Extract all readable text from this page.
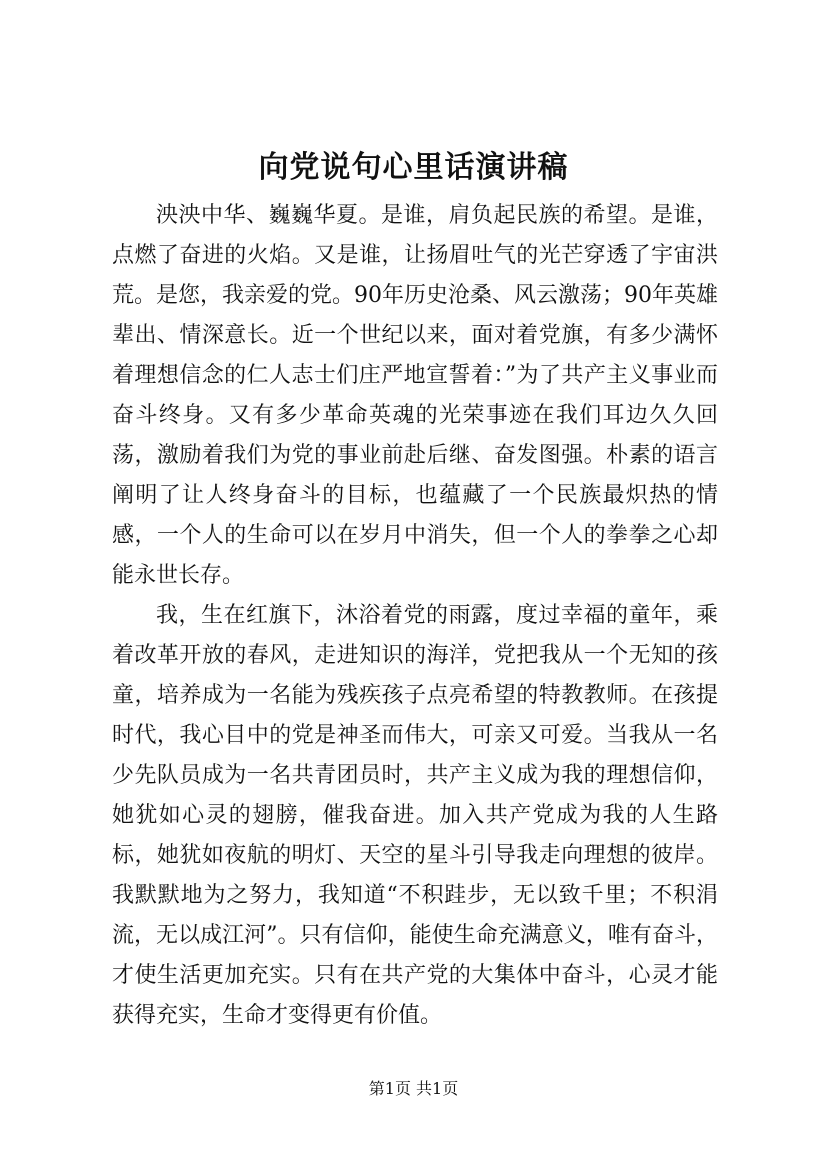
向党说句心里话演讲稿

泱泱中华、巍巍华夏。是谁，肩负起民族的希望。是谁，点燃了奋进的火焰。又是谁，让扬眉吐气的光芒穿透了宇宙洪荒。是您，我亲爱的党。90年历史沧桑、风云激荡；90年英雄辈出、情深意长。近一个世纪以来，面对着党旗，有多少满怀着理想信念的仁人志士们庄严地宣誓着：”为了共产主义事业而奋斗终身。又有多少革命英魂的光荣事迹在我们耳边久久回荡，激励着我们为党的事业前赴后继、奋发图强。朴素的语言阐明了让人终身奋斗的目标，也蕴藏了一个民族最炽热的情感，一个人的生命可以在岁月中消失，但一个人的拳拳之心却能永世长存。

我，生在红旗下，沐浴着党的雨露，度过幸福的童年，乘着改革开放的春风，走进知识的海洋，党把我从一个无知的孩童，培养成为一名能为残疾孩子点亮希望的特教教师。在孩提时代，我心目中的党是神圣而伟大，可亲又可爱。当我从一名少先队员成为一名共青团员时，共产主义成为我的理想信仰，她犹如心灵的翅膀，催我奋进。加入共产党成为我的人生路标，她犹如夜航的明灯、天空的星斗引导我走向理想的彼岸。我默默地为之努力，我知道“不积跬步，无以致千里；不积涓流，无以成江河”。只有信仰，能使生命充满意义，唯有奋斗，才使生活更加充实。只有在共产党的大集体中奋斗，心灵才能获得充实，生命才变得更有价值。

第1页 共1页
